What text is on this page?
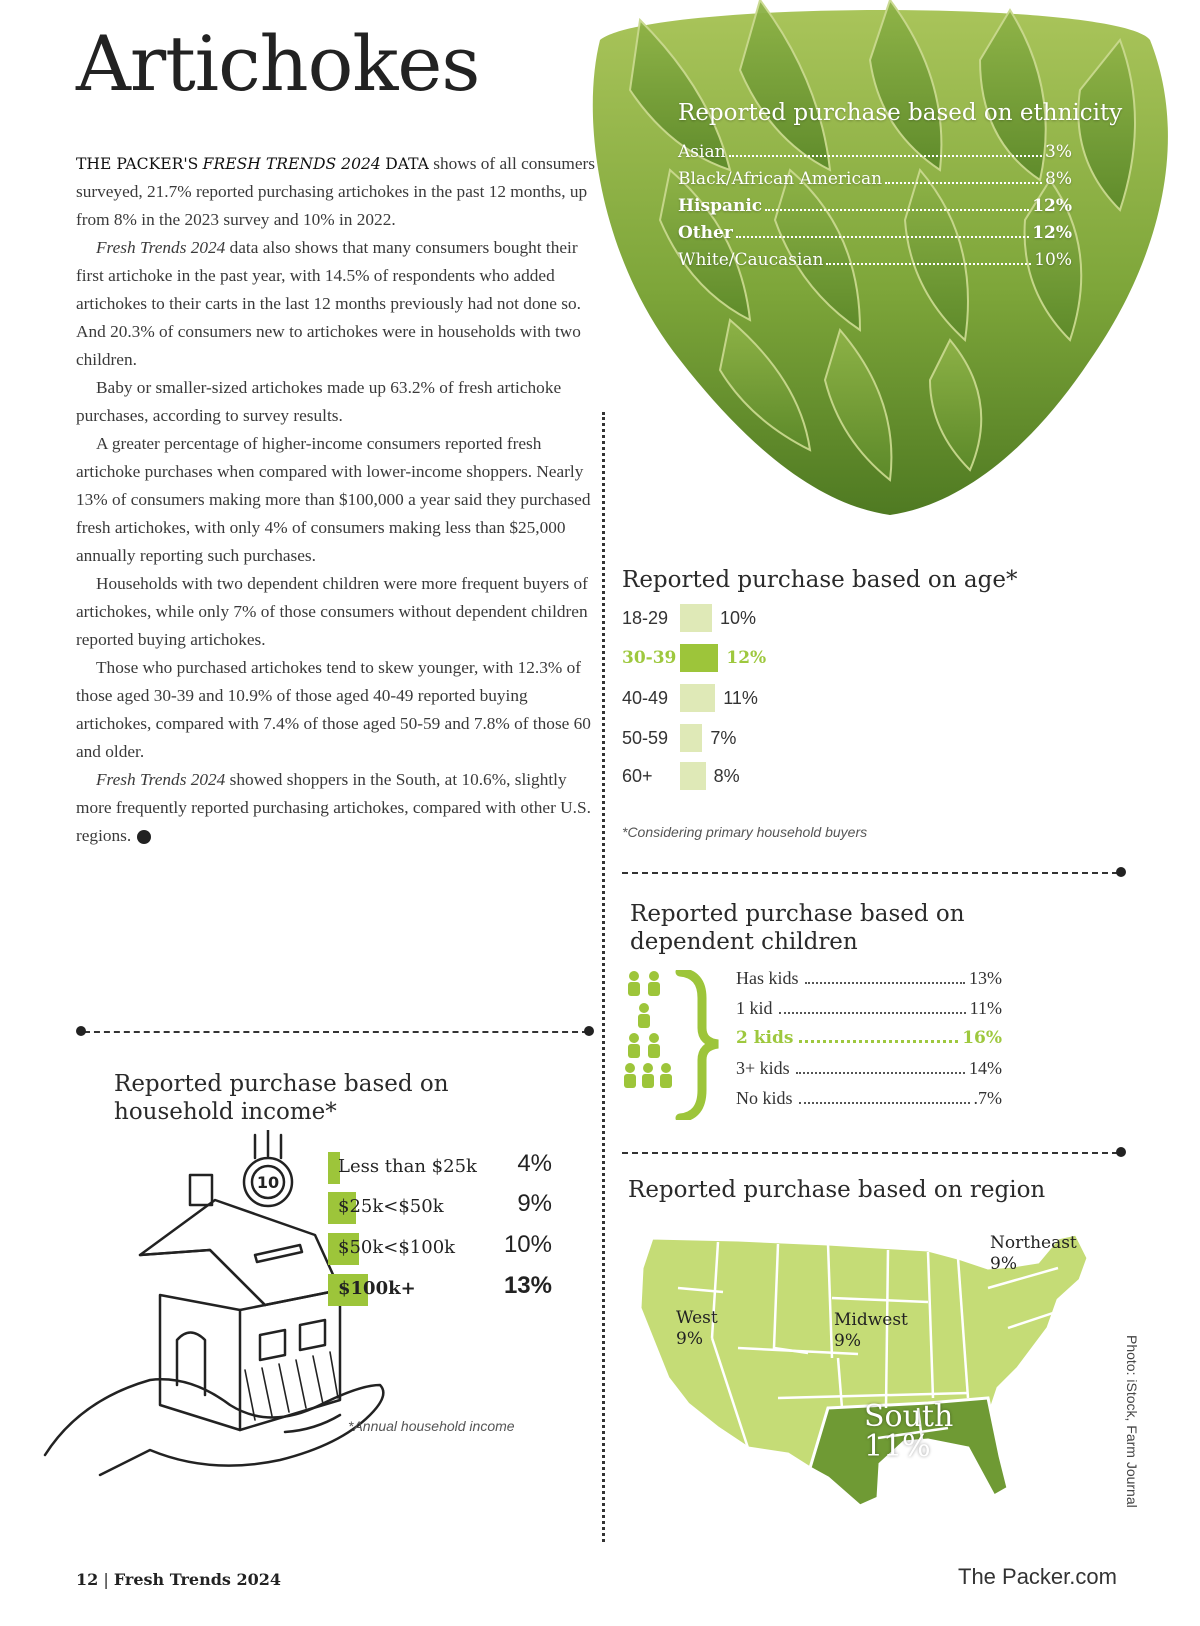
Artichokes

THE PACKER'S FRESH TRENDS 2024 DATA shows of all consumers surveyed, 21.7% reported purchasing artichokes in the past 12 months, up from 8% in the 2023 survey and 10% in 2022.

Fresh Trends 2024 data also shows that many consumers bought their first artichoke in the past year, with 14.5% of respondents who added artichokes to their carts in the last 12 months previously had not done so. And 20.3% of consumers new to artichokes were in households with two children.

Baby or smaller-sized artichokes made up 63.2% of fresh artichoke purchases, according to survey results.

A greater percentage of higher-income consumers reported fresh artichoke purchases when compared with lower-income shoppers. Nearly 13% of consumers making more than $100,000 a year said they purchased fresh artichokes, with only 4% of consumers making less than $25,000 annually reporting such purchases.

Households with two dependent children were more frequent buyers of artichokes, while only 7% of those consumers without dependent children reported buying artichokes.

Those who purchased artichokes tend to skew younger, with 12.3% of those aged 30-39 and 10.9% of those aged 40-49 reported buying artichokes, compared with 7.4% of those aged 50-59 and 7.8% of those 60 and older.

Fresh Trends 2024 showed shoppers in the South, at 10.6%, slightly more frequently reported purchasing artichokes, compared with other U.S. regions.	FT

Reported purchase based on ethnicity
Asian	3%
Black/African American	8%
Hispanic	12%
Other	12%
White/Caucasian	10%
Reported purchase based on age*
18-29	10%
30-39	12%
40-49	11%
50-59 7%
60+	8%
*Considering primary household buyers
Reported purchase based on
dependent children
Has kids	13%
1 kid	11%
2 kids	16%
3+ kids	14%
No kids	.7%
Reported purchase based on
household income*
10
Less than $25k	4%
$25k<$50k	9%
$50k<$100k	10%
$100k+	13%
*Annual household income
Reported purchase based on region
Northeast
9%
West
9%
Midwest
9%
South
11%	Photo: iStock, Farm Journal
12 | Fresh Trends 2024	The Packer.com
